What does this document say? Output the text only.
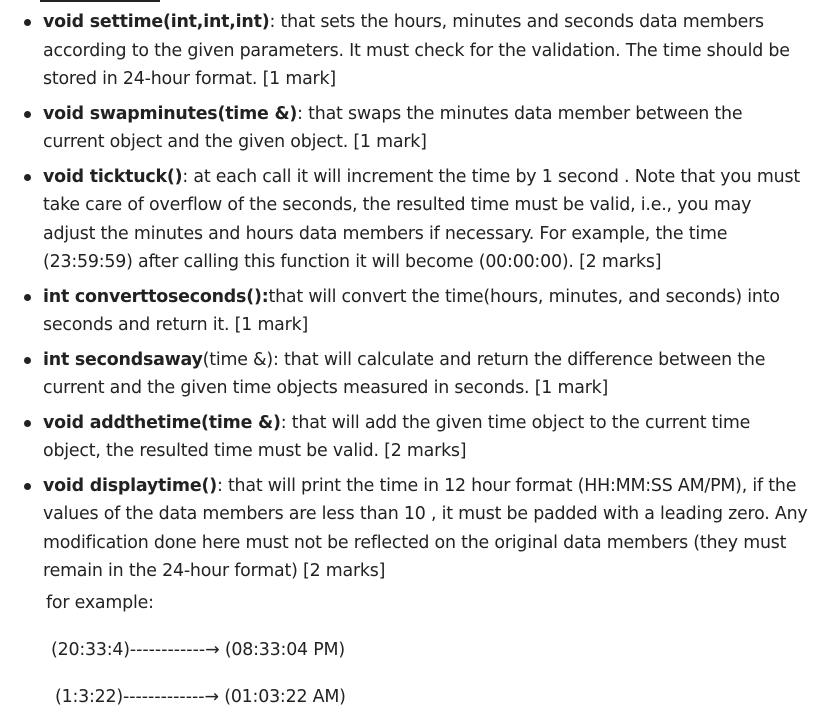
void settime(int,int,int): that sets the hours, minutes and seconds data members according to the given parameters. It must check for the validation. The time should be stored in 24-hour format. [1 mark]
void swapminutes(time &): that swaps the minutes data member between the current object and the given object. [1 mark]
void ticktuck(): at each call it will increment the time by 1 second . Note that you must take care of overflow of the seconds, the resulted time must be valid, i.e., you may adjust the minutes and hours data members if necessary. For example, the time (23:59:59) after calling this function it will become (00:00:00). [2 marks]
int converttoseconds():that will convert the time(hours, minutes, and seconds) into seconds and return it. [1 mark]
int secondsaway(time &): that will calculate and return the difference between the current and the given time objects measured in seconds. [1 mark]
void addthetime(time &): that will add the given time object to the current time object, the resulted time must be valid. [2 marks]
void displaytime(): that will print the time in 12 hour format (HH:MM:SS AM/PM), if the values of the data members are less than 10 , it must be padded with a leading zero. Any modification done here must not be reflected on the original data members (they must remain in the 24-hour format) [2 marks]
for example:
(20:33:4)------------→ (08:33:04 PM)
(1:3:22)-------------→ (01:03:22 AM)
